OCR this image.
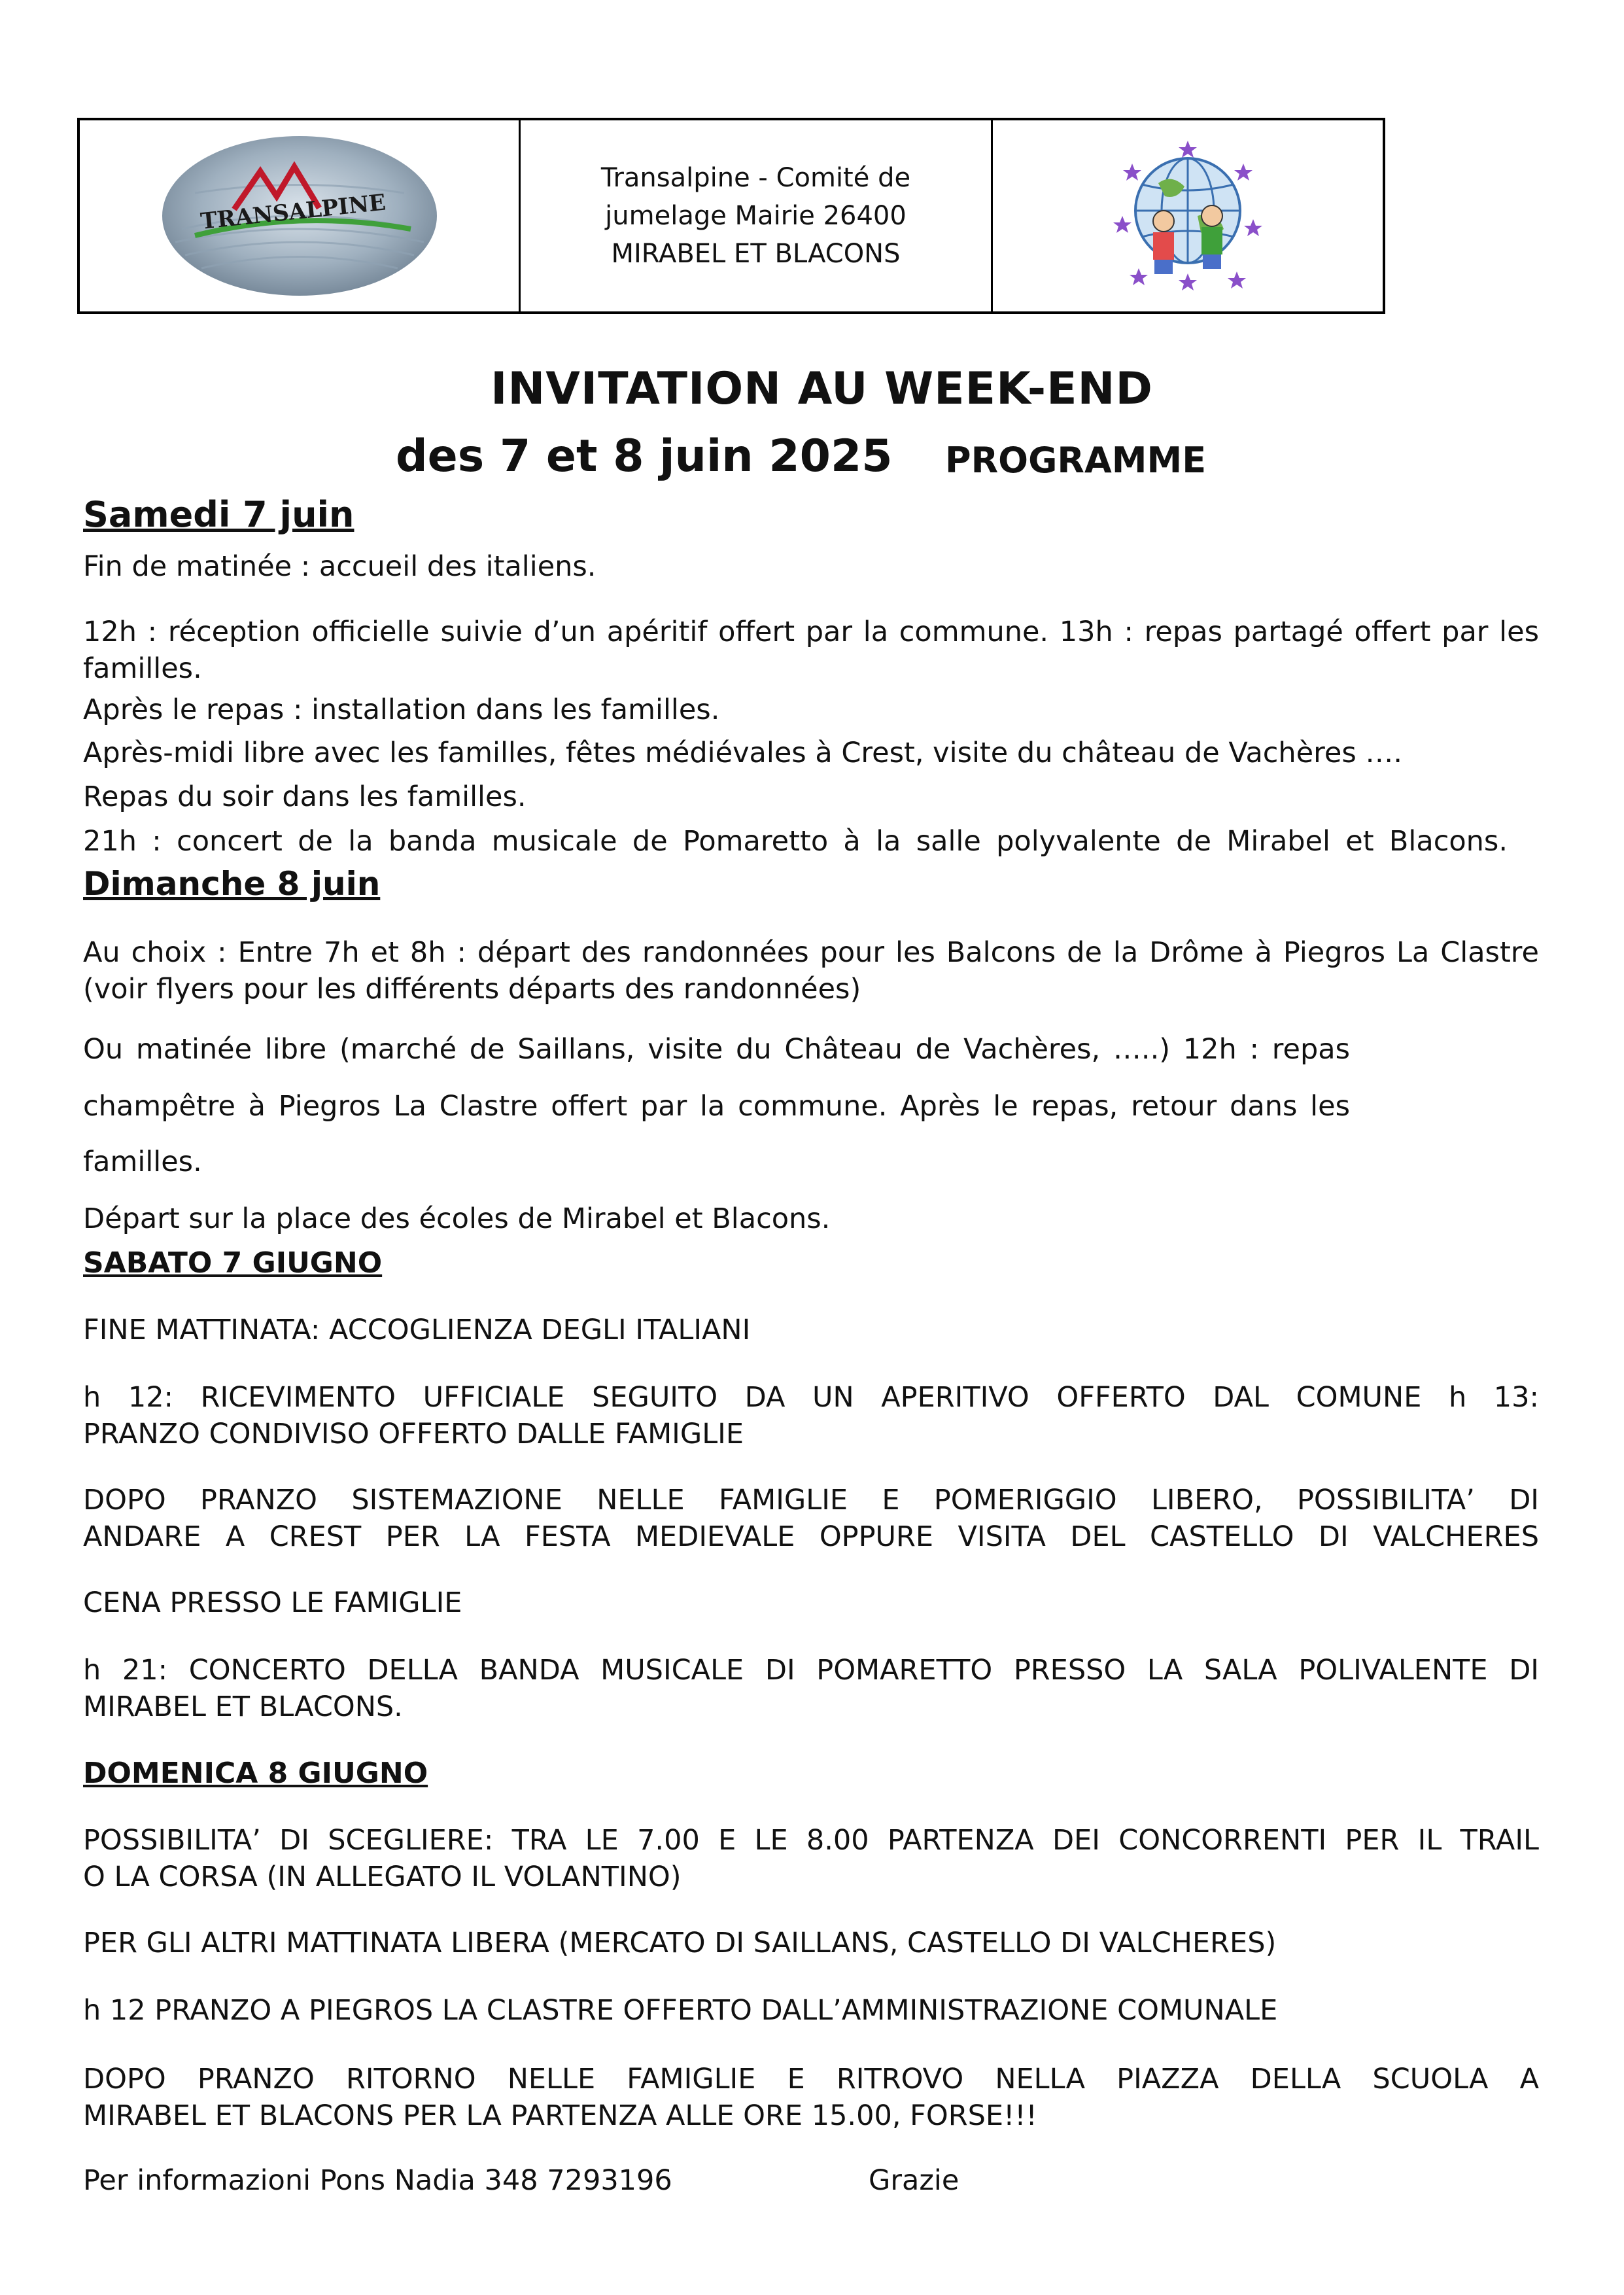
TRANSALPINE
Transalpine - Comité de
jumelage Mairie 26400
MIRABEL ET BLACONS
INVITATION AU WEEK-END
des 7 et 8 juin 2025 PROGRAMME
Samedi 7 juin
Fin de matinée : accueil des italiens.
12h : réception officielle suivie d’un apéritif offert par la commune. 13h : repas partagé offert par les
familles.
Après le repas : installation dans les familles.
Après-midi libre avec les familles, fêtes médiévales à Crest, visite du château de Vachères ….
Repas du soir dans les familles.
21h : concert de la banda musicale de Pomaretto à la salle polyvalente de Mirabel et Blacons.
Dimanche 8 juin
Au choix : Entre 7h et 8h : départ des randonnées pour les Balcons de la Drôme à Piegros La Clastre
(voir flyers pour les différents départs des randonnées)
Ou matinée libre (marché de Saillans, visite du Château de Vachères, …..) 12h : repas
champêtre à Piegros La Clastre offert par la commune. Après le repas, retour dans les
familles.
Départ sur la place des écoles de Mirabel et Blacons.
SABATO 7 GIUGNO
FINE MATTINATA: ACCOGLIENZA DEGLI ITALIANI
h 12: RICEVIMENTO UFFICIALE SEGUITO DA UN APERITIVO OFFERTO DAL COMUNE h 13:
PRANZO CONDIVISO OFFERTO DALLE FAMIGLIE
DOPO PRANZO SISTEMAZIONE NELLE FAMIGLIE E POMERIGGIO LIBERO, POSSIBILITA’ DI
ANDARE A CREST PER LA FESTA MEDIEVALE OPPURE VISITA DEL CASTELLO DI VALCHERES
CENA PRESSO LE FAMIGLIE
h 21: CONCERTO DELLA BANDA MUSICALE DI POMARETTO PRESSO LA SALA POLIVALENTE DI
MIRABEL ET BLACONS.
DOMENICA 8 GIUGNO
POSSIBILITA’ DI SCEGLIERE: TRA LE 7.00 E LE 8.00 PARTENZA DEI CONCORRENTI PER IL TRAIL
O LA CORSA (IN ALLEGATO IL VOLANTINO)
PER GLI ALTRI MATTINATA LIBERA (MERCATO DI SAILLANS, CASTELLO DI VALCHERES)
h 12 PRANZO A PIEGROS LA CLASTRE OFFERTO DALL’AMMINISTRAZIONE COMUNALE
DOPO PRANZO RITORNO NELLE FAMIGLIE E RITROVO NELLA PIAZZA DELLA SCUOLA A
MIRABEL ET BLACONS PER LA PARTENZA ALLE ORE 15.00, FORSE!!!
Per informazioni Pons Nadia 348 7293196	Grazie
